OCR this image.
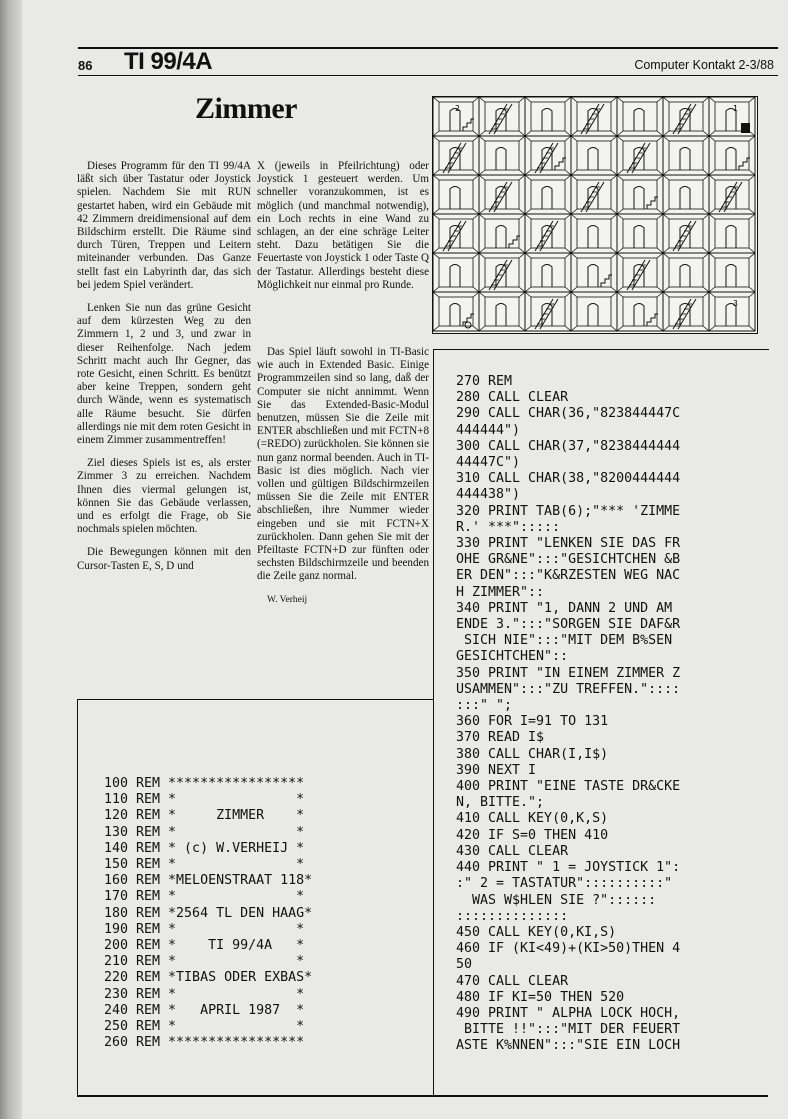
86 TI 99/4A	Computer Kontakt 2-3/88
Zimmer

Dieses Programm für den TI 99/4A läßt sich über Tastatur oder Joystick spielen. Nachdem Sie mit RUN gestartet haben, wird ein Gebäude mit 42 Zimmern dreidimensional auf dem Bildschirm erstellt. Die Räume sind durch Türen, Treppen und Leitern miteinander verbunden. Das Ganze stellt fast ein Labyrinth dar, das sich bei jedem Spiel verändert.

Lenken Sie nun das grüne Gesicht auf dem kürzesten Weg zu den Zimmern 1, 2 und 3, und zwar in dieser Reihenfolge. Nach jedem Schritt macht auch Ihr Gegner, das rote Gesicht, einen Schritt. Es benützt aber keine Treppen, sondern geht durch Wände, wenn es systematisch alle Räume besucht. Sie dürfen allerdings nie mit dem roten Gesicht in einem Zimmer zusammentreffen!

Ziel dieses Spiels ist es, als erster Zimmer 3 zu erreichen. Nachdem Ihnen dies viermal gelungen ist, können Sie das Gebäude verlassen, und es erfolgt die Frage, ob Sie nochmals spielen möchten.

Die Bewegungen können mit den Cursor-Tasten E, S, D und

X (jeweils in Pfeilrichtung) oder Joystick 1 gesteuert werden. Um schneller voranzukommen, ist es möglich (und manchmal notwendig), ein Loch rechts in eine Wand zu schlagen, an der eine schräge Leiter steht. Dazu betätigen Sie die Feuertaste von Joystick 1 oder Taste Q der Tastatur. Allerdings besteht diese Möglichkeit nur einmal pro Runde.

Das Spiel läuft sowohl in TI-Basic wie auch in Extended Basic. Einige Programmzeilen sind so lang, daß der Computer sie nicht annimmt. Wenn Sie das Extended-Basic-Modul benutzen, müssen Sie die Zeile mit ENTER abschließen und mit FCTN+8 (=REDO) zurückholen. Sie können sie nun ganz normal beenden. Auch in TI-Basic ist dies möglich. Nach vier vollen und gültigen Bildschirmzeilen müssen Sie die Zeile mit ENTER abschließen, ihre Nummer wieder eingeben und sie mit FCTN+X zurückholen. Dann gehen Sie mit der Pfeiltaste FCTN+D zur fünften oder sechsten Bildschirmzeile und beenden die Zeile ganz normal.

W. Verheij

2	1
3
270 REM
280 CALL CLEAR
290 CALL CHAR(36,"823844447C
444444")
300 CALL CHAR(37,"8238444444
44447C")
310 CALL CHAR(38,"8200444444
444438")
320 PRINT TAB(6);"*** 'ZIMME
R.' ***":::::
330 PRINT "LENKEN SIE DAS FR
OHE GR&NE":::"GESICHTCHEN &B
ER DEN":::"K&RZESTEN WEG NAC
H ZIMMER"::
340 PRINT "1, DANN 2 UND AM
ENDE 3.":::"SORGEN SIE DAF&R
SICH NIE":::"MIT DEM B%SEN
GESICHTCHEN"::
350 PRINT "IN EINEM ZIMMER Z
USAMMEN":::"ZU TREFFEN."::::
:::" ";
360 FOR I=91 TO 131
370 READ I$
380 CALL CHAR(I,I$)
390 NEXT I
400 PRINT "EINE TASTE DR&CKE
N, BITTE.";
410 CALL KEY(0,K,S)
420 IF S=0 THEN 410
430 CALL CLEAR
440 PRINT " 1 = JOYSTICK 1":
:" 2 = TASTATUR"::::::::::"
WAS W$HLEN SIE ?"::::::
::::::::::::::
450 CALL KEY(0,KI,S)
460 IF (KI<49)+(KI>50)THEN 4
50
470 CALL CLEAR
480 IF KI=50 THEN 520
490 PRINT " ALPHA LOCK HOCH,
BITTE !!":::"MIT DER FEUERT
ASTE K%NNEN":::"SIE EIN LOCH
100 REM *****************
110 REM *               *
120 REM *     ZIMMER    *
130 REM *               *
140 REM * (c) W.VERHEIJ *
150 REM *               *
160 REM *MELOENSTRAAT 118*
170 REM *               *
180 REM *2564 TL DEN HAAG*
190 REM *               *
200 REM *    TI 99/4A   *
210 REM *               *
220 REM *TIBAS ODER EXBAS*
230 REM *               *
240 REM *   APRIL 1987  *
250 REM *               *
260 REM *****************
